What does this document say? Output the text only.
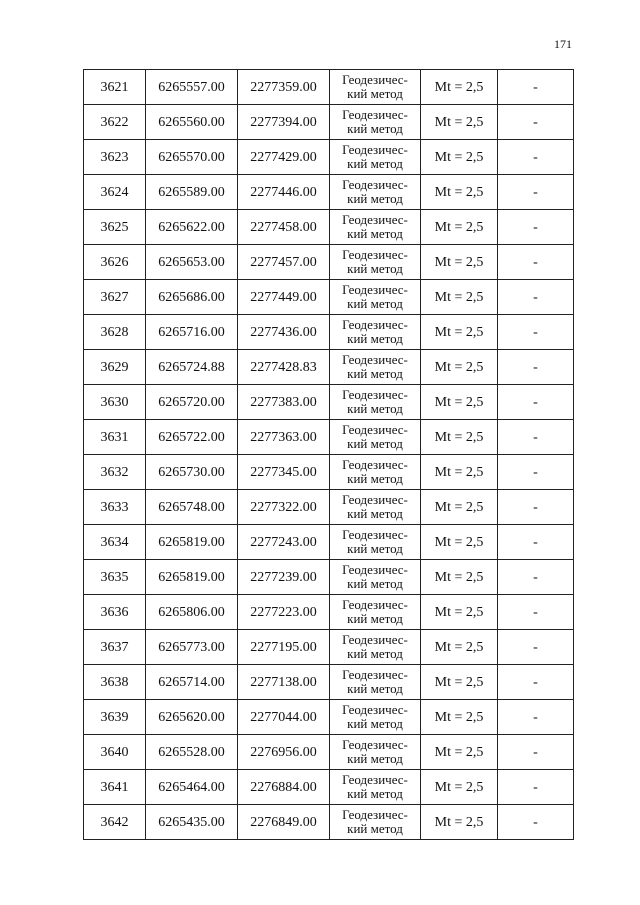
171
3621	6265557.00	2277359.00	Геодезичес-
кий метод	Mt = 2,5	-
3622	6265560.00	2277394.00	Геодезичес-
кий метод	Mt = 2,5	-
3623	6265570.00	2277429.00	Геодезичес-
кий метод	Mt = 2,5	-
3624	6265589.00	2277446.00	Геодезичес-
кий метод	Mt = 2,5	-
3625	6265622.00	2277458.00	Геодезичес-
кий метод	Mt = 2,5	-
3626	6265653.00	2277457.00	Геодезичес-
кий метод	Mt = 2,5	-
3627	6265686.00	2277449.00	Геодезичес-
кий метод	Mt = 2,5	-
3628	6265716.00	2277436.00	Геодезичес-
кий метод	Mt = 2,5	-
3629	6265724.88	2277428.83	Геодезичес-
кий метод	Mt = 2,5	-
3630	6265720.00	2277383.00	Геодезичес-
кий метод	Mt = 2,5	-
3631	6265722.00	2277363.00	Геодезичес-
кий метод	Mt = 2,5	-
3632	6265730.00	2277345.00	Геодезичес-
кий метод	Mt = 2,5	-
3633	6265748.00	2277322.00	Геодезичес-
кий метод	Mt = 2,5	-
3634	6265819.00	2277243.00	Геодезичес-
кий метод	Mt = 2,5	-
3635	6265819.00	2277239.00	Геодезичес-
кий метод	Mt = 2,5	-
3636	6265806.00	2277223.00	Геодезичес-
кий метод	Mt = 2,5	-
3637	6265773.00	2277195.00	Геодезичес-
кий метод	Mt = 2,5	-
3638	6265714.00	2277138.00	Геодезичес-
кий метод	Mt = 2,5	-
3639	6265620.00	2277044.00	Геодезичес-
кий метод	Mt = 2,5	-
3640	6265528.00	2276956.00	Геодезичес-
кий метод	Mt = 2,5	-
3641	6265464.00	2276884.00	Геодезичес-
кий метод	Mt = 2,5	-
3642	6265435.00	2276849.00	Геодезичес-
кий метод	Mt = 2,5	-
